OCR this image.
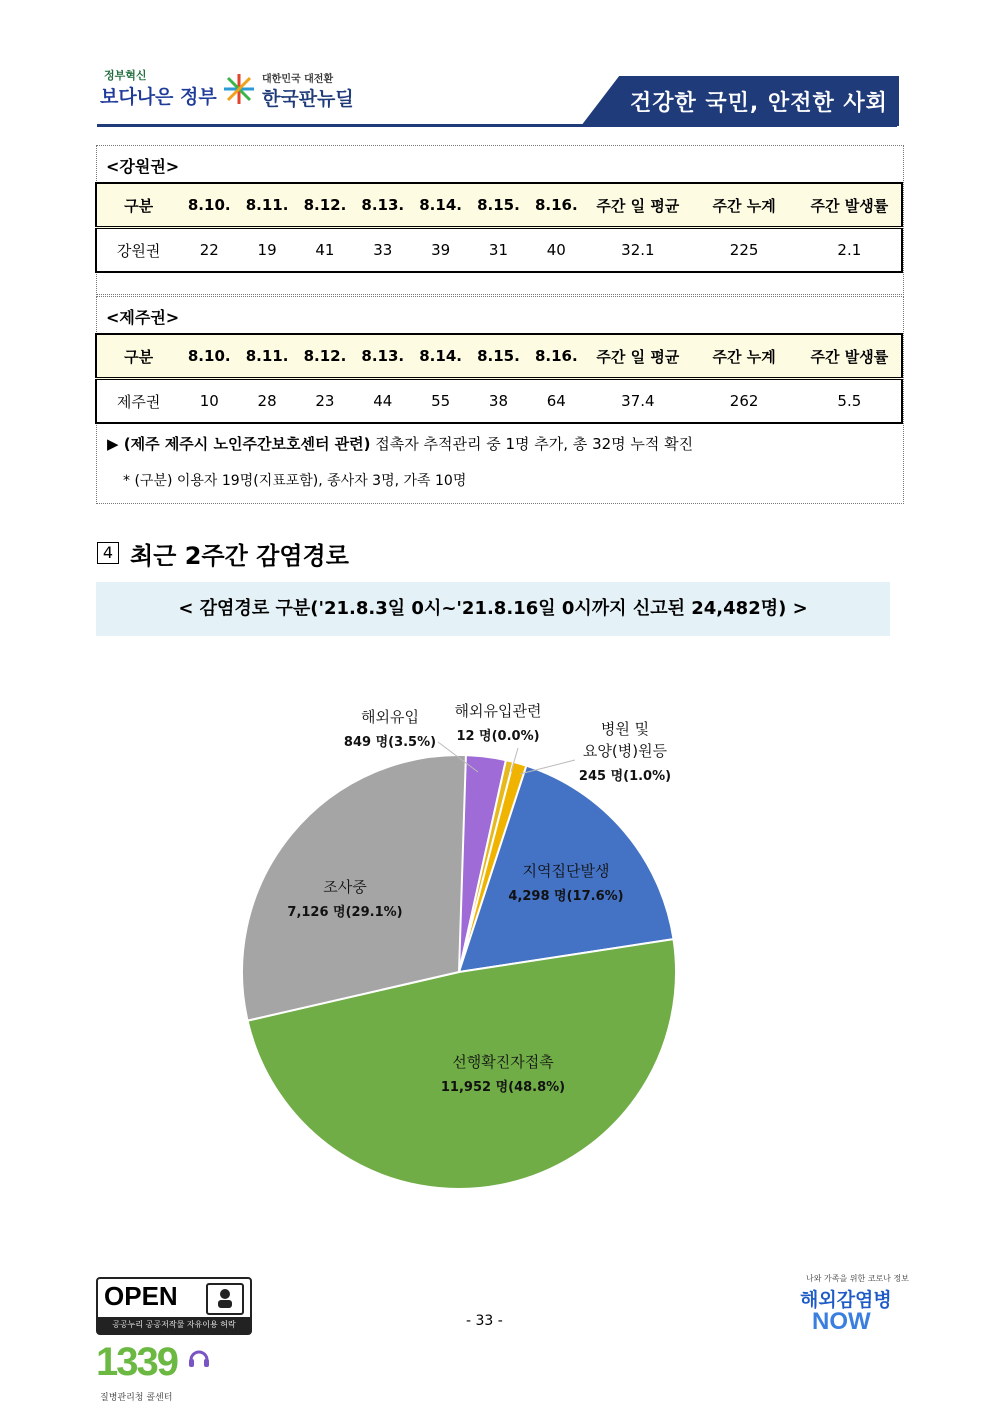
정부혁신
보다나은 정부
대한민국 대전환
한국판뉴딜	건강한 국민, 안전한 사회
<강원권>
구분	8.10.	8.11.	8.12.	8.13.	8.14.	8.15.	8.16.	주간 일 평균	주간 누계	주간 발생률
강원권	22	19	41	33	39	31	40	32.1	225	2.1
<제주권>
구분	8.10.	8.11.	8.12.	8.13.	8.14.	8.15.	8.16.	주간 일 평균	주간 누계	주간 발생률
제주권	10	28	23	44	55	38	64	37.4	262	5.5
▶ (제주 제주시 노인주간보호센터 관련) 접촉자 추적관리 중 1명 추가, 총 32명 누적 확진
* (구분) 이용자 19명(지표포함), 종사자 3명, 가족 10명
4 최근 2주간 감염경로
< 감염경로 구분('21.8.3일 0시~'21.8.16일 0시까지 신고된 24,482명) >
해외유입
849 명(3.5%)
해외유입관련
12 명(0.0%)	병원 및
요양(병)원등
245 명(1.0%)
지역집단발생
4,298 명(17.6%)
선행확진자접촉
11,952 명(48.8%)
조사중
7,126 명(29.1%)
OPEN
공공누리 공공저작물 자유이용 허락
1339
질병관리청 콜센터
- 33 -
나와 가족을 위한 코로나 정보
해외감염병
NOW
